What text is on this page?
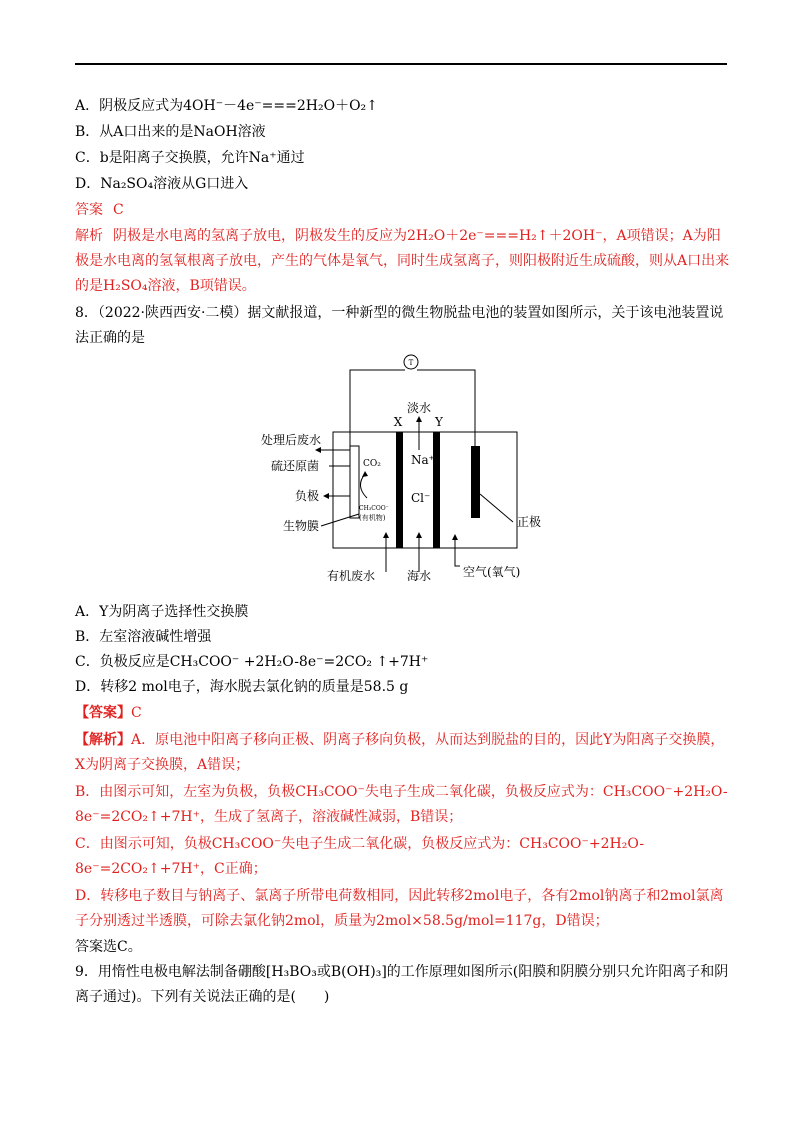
A．阴极反应式为4OH⁻－4e⁻===2H₂O＋O₂↑
B．从A口出来的是NaOH溶液
C．b是阳离子交换膜，允许Na⁺通过
D．Na₂SO₄溶液从G口进入
答案 C
解析 阴极是水电离的氢离子放电，阴极发生的反应为2H₂O＋2e⁻===H₂↑＋2OH⁻，A项错误；A为阳极是水电离的氢氧根离子放电，产生的气体是氧气，同时生成氢离子，则阳极附近生成硫酸，则从A口出来的是H₂SO₄溶液，B项错误。
8．（2022·陕西西安·二模）据文献报道，一种新型的微生物脱盐电池的装置如图所示，关于该电池装置说
法正确的是
T
淡水
X	Y
处理后废水
硫还原菌
负极
生物膜
CO₂
CH₃COO⁻
(有机物)
Na⁺
Cl⁻
正极
有机废水	海水	空气(氧气)
A．Y为阴离子选择性交换膜
B．左室溶液碱性增强
C．负极反应是CH₃COO⁻ +2H₂O-8e⁻=2CO₂ ↑+7H⁺
D．转移2 mol电子，海水脱去氯化钠的质量是58.5 g
【答案】C
【解析】A．原电池中阳离子移向正极、阴离子移向负极，从而达到脱盐的目的，因此Y为阳离子交换膜，X为阴离子交换膜，A错误；
B．由图示可知，左室为负极，负极CH₃COO⁻失电子生成二氧化碳，负极反应式为：CH₃COO⁻+2H₂O-8e⁻=2CO₂↑+7H⁺，生成了氢离子，溶液碱性减弱，B错误；
C．由图示可知，负极CH₃COO⁻失电子生成二氧化碳，负极反应式为：CH₃COO⁻+2H₂O-8e⁻=2CO₂↑+7H⁺，C正确；
D．转移电子数目与钠离子、氯离子所带电荷数相同，因此转移2mol电子，各有2mol钠离子和2mol氯离子分别透过半透膜，可除去氯化钠2mol，质量为2mol×58.5g/mol=117g，D错误；
答案选C。
9．用惰性电极电解法制备硼酸[H₃BO₃或B(OH)₃]的工作原理如图所示(阳膜和阴膜分别只允许阳离子和阴离子通过)。下列有关说法正确的是(　　)
